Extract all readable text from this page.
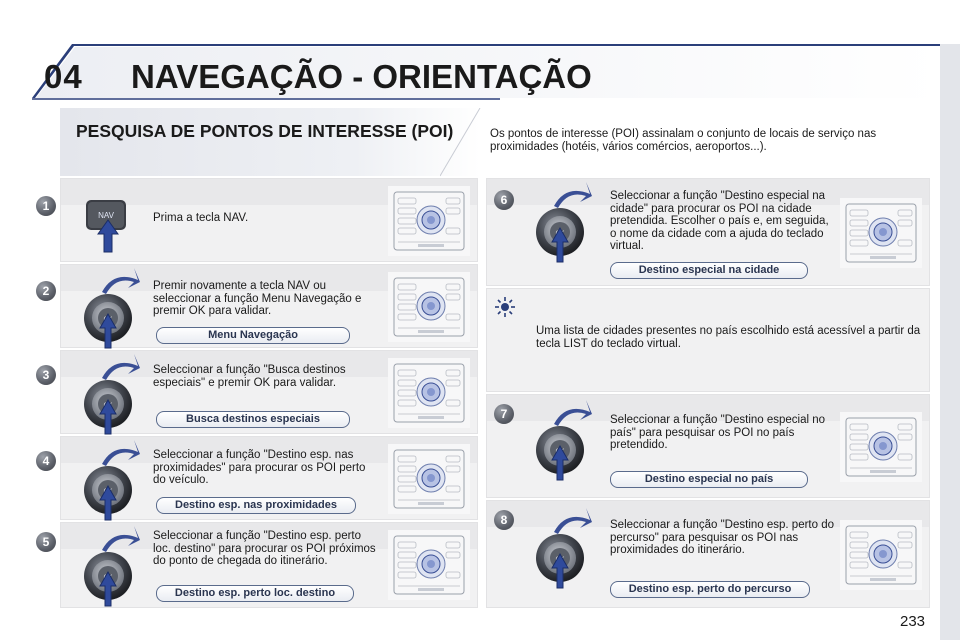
04 NAVEGAÇÃO - ORIENTAÇÃO
PESQUISA DE PONTOS DE INTERESSE (POI)	Os pontos de interesse (POI) assinalam o conjunto de locais de serviço nas proximidades (hotéis, vários comércios, aeroportos...).
1
NAV	Prima a tecla NAV.
2	Premir novamente a tecla NAV ou seleccionar a função Menu Navegação e premir OK para validar.
Menu Navegação
3	Seleccionar a função "Busca destinos especiais" e premir OK para validar.
Busca destinos especiais
4	Seleccionar a função "Destino esp. nas proximidades" para procurar os POI perto do veículo.
Destino esp. nas proximidades
5	Seleccionar a função "Destino esp. perto loc. destino" para procurar os POI próximos do ponto de chegada do itinerário.
Destino esp. perto loc. destino
6	Seleccionar a função "Destino especial na cidade" para procurar os POI na cidade pretendida. Escolher o país e, em seguida, o nome da cidade com a ajuda do teclado virtual.
Destino especial na cidade
Uma lista de cidades presentes no país escolhido está acessível a partir da tecla LIST do teclado virtual.
7	Seleccionar a função "Destino especial no país" para pesquisar os POI no país pretendido.
Destino especial no país
8	Seleccionar a função "Destino esp. perto do percurso" para pesquisar os POI nas proximidades do itinerário.
Destino esp. perto do percurso
233
